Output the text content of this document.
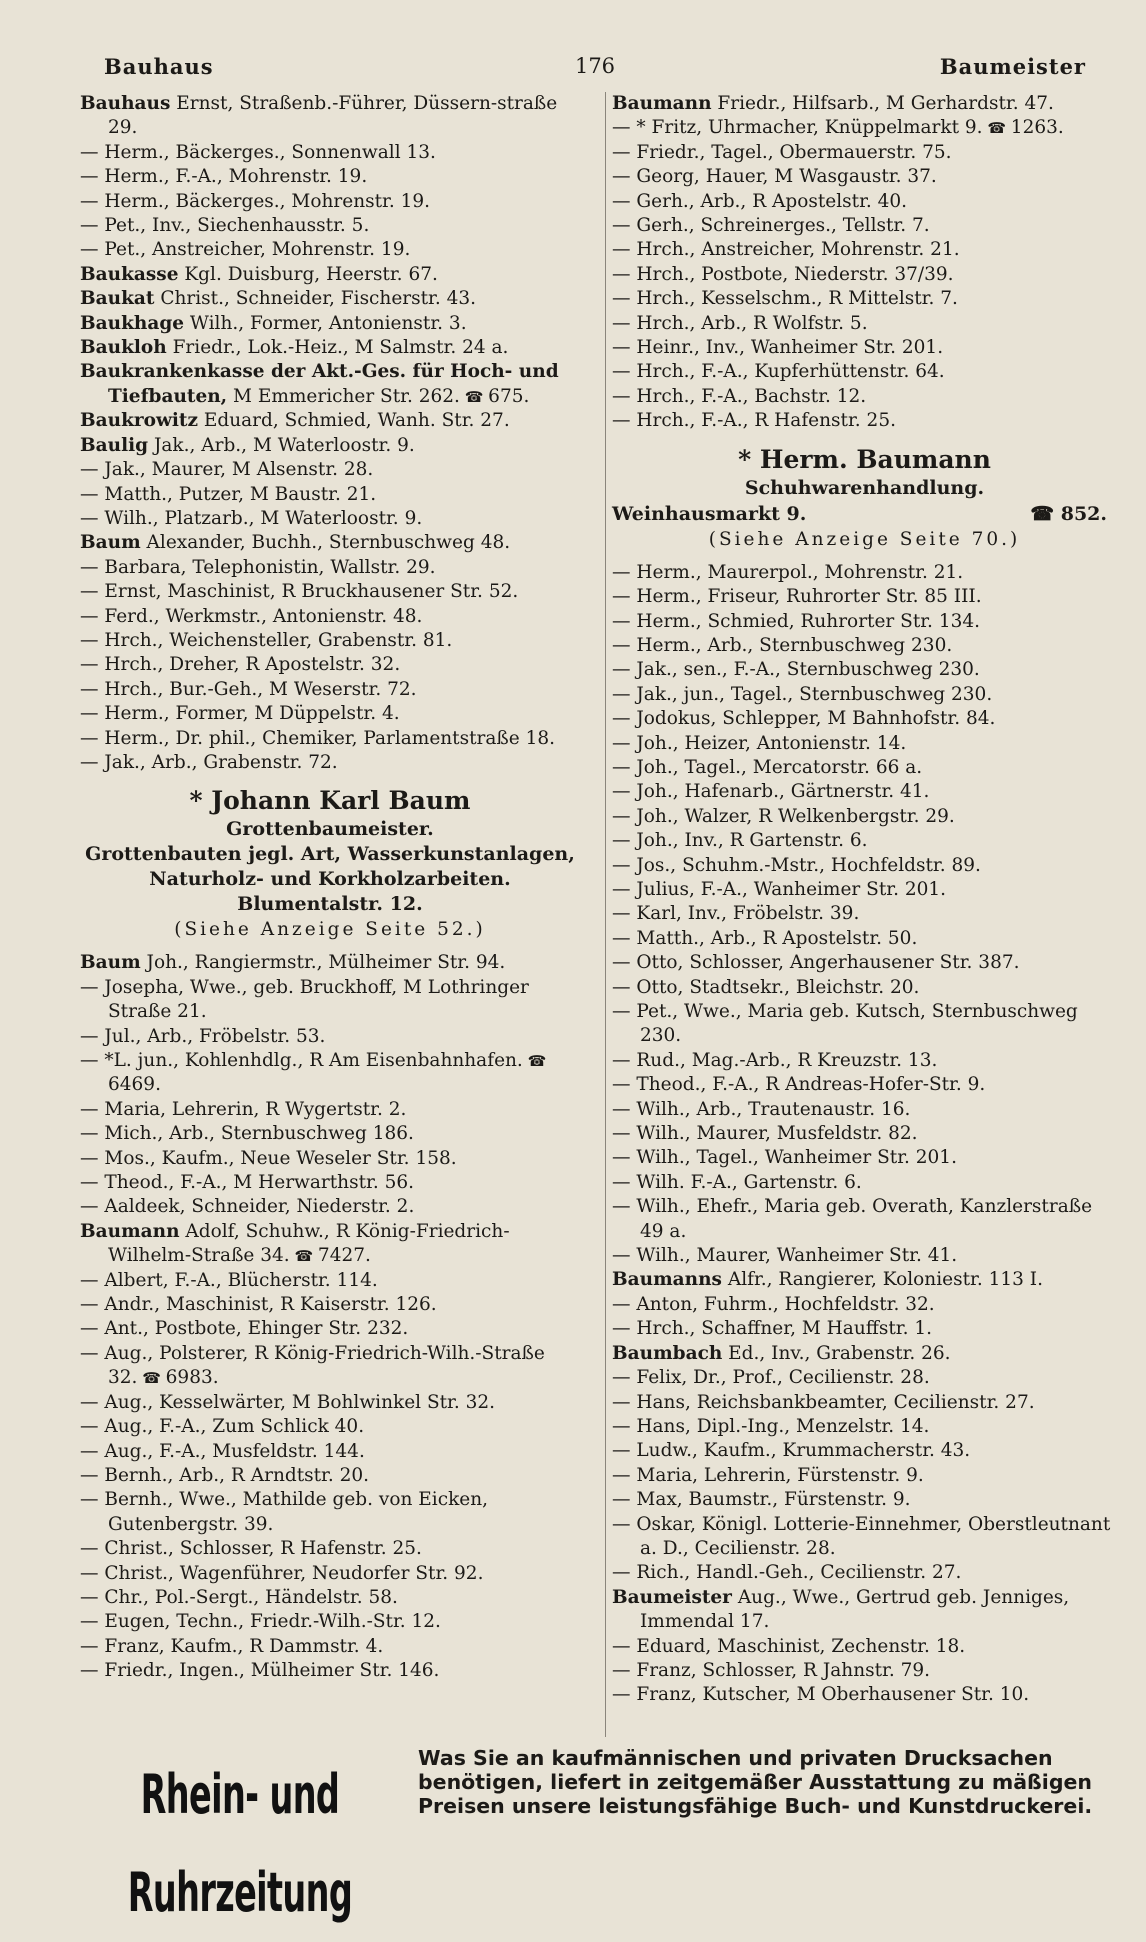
Bauhaus	176	Baumeister
Bauhaus Ernst, Straßenb.-Führer, Düssern-straße 29.
— Herm., Bäckerges., Sonnenwall 13.
— Herm., F.-A., Mohrenstr. 19.
— Herm., Bäckerges., Mohrenstr. 19.
— Pet., Inv., Siechenhausstr. 5.
— Pet., Anstreicher, Mohrenstr. 19.
Baukasse Kgl. Duisburg, Heerstr. 67.
Baukat Christ., Schneider, Fischerstr. 43.
Baukhage Wilh., Former, Antonienstr. 3.
Baukloh Friedr., Lok.-Heiz., M Salmstr. 24 a.
Baukrankenkasse der Akt.-Ges. für Hoch- und Tiefbauten, M Emmericher Str. 262. ☎ 675.
Baukrowitz Eduard, Schmied, Wanh. Str. 27.
Baulig Jak., Arb., M Waterloostr. 9.
— Jak., Maurer, M Alsenstr. 28.
— Matth., Putzer, M Baustr. 21.
— Wilh., Platzarb., M Waterloostr. 9.
Baum Alexander, Buchh., Sternbuschweg 48.
— Barbara, Telephonistin, Wallstr. 29.
— Ernst, Maschinist, R Bruckhausener Str. 52.
— Ferd., Werkmstr., Antonienstr. 48.
— Hrch., Weichensteller, Grabenstr. 81.
— Hrch., Dreher, R Apostelstr. 32.
— Hrch., Bur.-Geh., M Weserstr. 72.
— Herm., Former, M Düppelstr. 4.
— Herm., Dr. phil., Chemiker, Parlamentstraße 18.
— Jak., Arb., Grabenstr. 72.
* Johann Karl Baum
Grottenbaumeister.
Grottenbauten jegl. Art, Wasserkunstanlagen,
Naturholz- und Korkholzarbeiten.
Blumentalstr. 12.
(Siehe Anzeige Seite 52.)
Baum Joh., Rangiermstr., Mülheimer Str. 94.
— Josepha, Wwe., geb. Bruckhoff, M Lothringer Straße 21.
— Jul., Arb., Fröbelstr. 53.
— *L. jun., Kohlenhdlg., R Am Eisenbahnhafen. ☎ 6469.
— Maria, Lehrerin, R Wygertstr. 2.
— Mich., Arb., Sternbuschweg 186.
— Mos., Kaufm., Neue Weseler Str. 158.
— Theod., F.-A., M Herwarthstr. 56.
— Aaldeek, Schneider, Niederstr. 2.
Baumann Adolf, Schuhw., R König-Friedrich-Wilhelm-Straße 34. ☎ 7427.
— Albert, F.-A., Blücherstr. 114.
— Andr., Maschinist, R Kaiserstr. 126.
— Ant., Postbote, Ehinger Str. 232.
— Aug., Polsterer, R König-Friedrich-Wilh.-Straße 32. ☎ 6983.
— Aug., Kesselwärter, M Bohlwinkel Str. 32.
— Aug., F.-A., Zum Schlick 40.
— Aug., F.-A., Musfeldstr. 144.
— Bernh., Arb., R Arndtstr. 20.
— Bernh., Wwe., Mathilde geb. von Eicken, Gutenbergstr. 39.
— Christ., Schlosser, R Hafenstr. 25.
— Christ., Wagenführer, Neudorfer Str. 92.
— Chr., Pol.-Sergt., Händelstr. 58.
— Eugen, Techn., Friedr.-Wilh.-Str. 12.
— Franz, Kaufm., R Dammstr. 4.
— Friedr., Ingen., Mülheimer Str. 146.
Baumann Friedr., Hilfsarb., M Gerhardstr. 47.
— * Fritz, Uhrmacher, Knüppelmarkt 9. ☎ 1263.
— Friedr., Tagel., Obermauerstr. 75.
— Georg, Hauer, M Wasgaustr. 37.
— Gerh., Arb., R Apostelstr. 40.
— Gerh., Schreinerges., Tellstr. 7.
— Hrch., Anstreicher, Mohrenstr. 21.
— Hrch., Postbote, Niederstr. 37/39.
— Hrch., Kesselschm., R Mittelstr. 7.
— Hrch., Arb., R Wolfstr. 5.
— Heinr., Inv., Wanheimer Str. 201.
— Hrch., F.-A., Kupferhüttenstr. 64.
— Hrch., F.-A., Bachstr. 12.
— Hrch., F.-A., R Hafenstr. 25.
* Herm. Baumann
Schuhwarenhandlung.
Weinhausmarkt 9.	☎ 852.
(Siehe Anzeige Seite 70.)
— Herm., Maurerpol., Mohrenstr. 21.
— Herm., Friseur, Ruhrorter Str. 85 III.
— Herm., Schmied, Ruhrorter Str. 134.
— Herm., Arb., Sternbuschweg 230.
— Jak., sen., F.-A., Sternbuschweg 230.
— Jak., jun., Tagel., Sternbuschweg 230.
— Jodokus, Schlepper, M Bahnhofstr. 84.
— Joh., Heizer, Antonienstr. 14.
— Joh., Tagel., Mercatorstr. 66 a.
— Joh., Hafenarb., Gärtnerstr. 41.
— Joh., Walzer, R Welkenbergstr. 29.
— Joh., Inv., R Gartenstr. 6.
— Jos., Schuhm.-Mstr., Hochfeldstr. 89.
— Julius, F.-A., Wanheimer Str. 201.
— Karl, Inv., Fröbelstr. 39.
— Matth., Arb., R Apostelstr. 50.
— Otto, Schlosser, Angerhausener Str. 387.
— Otto, Stadtsekr., Bleichstr. 20.
— Pet., Wwe., Maria geb. Kutsch, Sternbuschweg 230.
— Rud., Mag.-Arb., R Kreuzstr. 13.
— Theod., F.-A., R Andreas-Hofer-Str. 9.
— Wilh., Arb., Trautenaustr. 16.
— Wilh., Maurer, Musfeldstr. 82.
— Wilh., Tagel., Wanheimer Str. 201.
— Wilh. F.-A., Gartenstr. 6.
— Wilh., Ehefr., Maria geb. Overath, Kanzlerstraße 49 a.
— Wilh., Maurer, Wanheimer Str. 41.
Baumanns Alfr., Rangierer, Koloniestr. 113 I.
— Anton, Fuhrm., Hochfeldstr. 32.
— Hrch., Schaffner, M Hauffstr. 1.
Baumbach Ed., Inv., Grabenstr. 26.
— Felix, Dr., Prof., Cecilienstr. 28.
— Hans, Reichsbankbeamter, Cecilienstr. 27.
— Hans, Dipl.-Ing., Menzelstr. 14.
— Ludw., Kaufm., Krummacherstr. 43.
— Maria, Lehrerin, Fürstenstr. 9.
— Max, Baumstr., Fürstenstr. 9.
— Oskar, Königl. Lotterie-Einnehmer, Oberstleutnant a. D., Cecilienstr. 28.
— Rich., Handl.-Geh., Cecilienstr. 27.
Baumeister Aug., Wwe., Gertrud geb. Jenniges, Immendal 17.
— Eduard, Maschinist, Zechenstr. 18.
— Franz, Schlosser, R Jahnstr. 79.
— Franz, Kutscher, M Oberhausener Str. 10.
Rhein- und Ruhrzeitung
Was Sie an kaufmännischen und privaten Drucksachen
benötigen, liefert in zeitgemäßer Ausstattung zu mäßigen
Preisen unsere leistungsfähige Buch- und Kunstdruckerei.
